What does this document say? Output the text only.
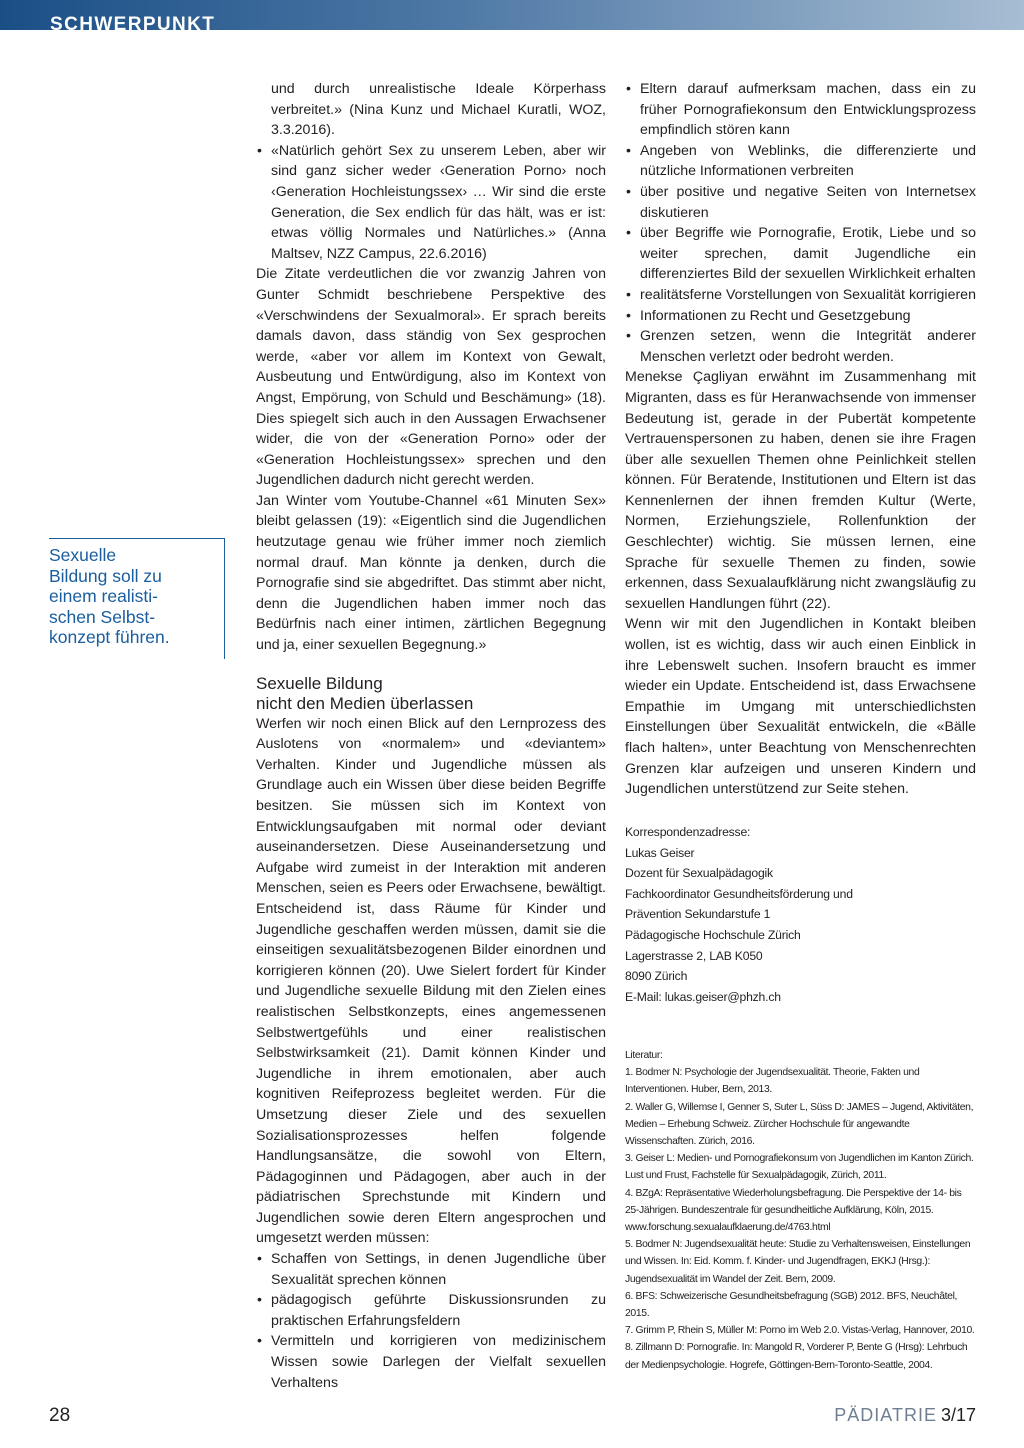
SCHWERPUNKT
Sexuelle
Bildung soll zu
einem realisti-
schen Selbst-
konzept führen.
und durch unrealistische Ideale Körperhass verbreitet.» (Nina Kunz und Michael Kuratli, WOZ, 3.3.2016).
• «Natürlich gehört Sex zu unserem Leben, aber wir sind ganz sicher weder ‹Generation Porno› noch ‹Generation Hochleistungssex› … Wir sind die erste Generation, die Sex endlich für das hält, was er ist: etwas völlig Normales und Natürliches.» (Anna Maltsev, NZZ Campus, 22.6.2016)

Die Zitate verdeutlichen die vor zwanzig Jahren von Gunter Schmidt beschriebene Perspektive des «Verschwindens der Sexualmoral». Er sprach bereits damals davon, dass ständig von Sex gesprochen werde, «aber vor allem im Kontext von Gewalt, Ausbeutung und Entwürdigung, also im Kontext von Angst, Empörung, von Schuld und Beschämung» (18). Dies spiegelt sich auch in den Aussagen Erwachsener wider, die von der «Generation Porno» oder der «Generation Hochleistungssex» sprechen und den Jugendlichen dadurch nicht gerecht werden.

Jan Winter vom Youtube-Channel «61 Minuten Sex» bleibt gelassen (19): «Eigentlich sind die Jugendlichen heutzutage genau wie früher immer noch ziemlich normal drauf. Man könnte ja denken, durch die Pornografie sind sie abgedriftet. Das stimmt aber nicht, denn die Jugendlichen haben immer noch das Bedürfnis nach einer intimen, zärtlichen Begegnung und ja, einer sexuellen Begegnung.»

Sexuelle Bildung
nicht den Medien überlassen

Werfen wir noch einen Blick auf den Lernprozess des Auslotens von «normalem» und «deviantem» Verhalten. Kinder und Jugendliche müssen als Grundlage auch ein Wissen über diese beiden Begriffe besitzen. Sie müssen sich im Kontext von Entwicklungsaufgaben mit normal oder deviant auseinandersetzen. Diese Auseinandersetzung und Aufgabe wird zumeist in der Interaktion mit anderen Menschen, seien es Peers oder Erwachsene, bewältigt. Entscheidend ist, dass Räume für Kinder und Jugendliche geschaffen werden müssen, damit sie die einseitigen sexualitätsbezogenen Bilder einordnen und korrigieren können (20). Uwe Sielert fordert für Kinder und Jugendliche sexuelle Bildung mit den Zielen eines realistischen Selbstkonzepts, eines angemessenen Selbstwertgefühls und einer realistischen Selbstwirksamkeit (21). Damit können Kinder und Jugendliche in ihrem emotionalen, aber auch kognitiven Reifeprozess begleitet werden. Für die Umsetzung dieser Ziele und des sexuellen Sozialisationsprozesses helfen folgende Handlungsansätze, die sowohl von Eltern, Pädagoginnen und Pädagogen, aber auch in der pädiatrischen Sprechstunde mit Kindern und Jugendlichen sowie deren Eltern angesprochen und umgesetzt werden müssen:

• Schaffen von Settings, in denen Jugendliche über Sexualität sprechen können
• pädagogisch geführte Diskussionsrunden zu praktischen Erfahrungsfeldern
• Vermitteln und korrigieren von medizinischem Wissen sowie Darlegen der Vielfalt sexuellen Verhaltens
• Eltern darauf aufmerksam machen, dass ein zu früher Pornografiekonsum den Entwicklungsprozess empfindlich stören kann
• Angeben von Weblinks, die differenzierte und nützliche Informationen verbreiten
• über positive und negative Seiten von Internetsex diskutieren
• über Begriffe wie Pornografie, Erotik, Liebe und so weiter sprechen, damit Jugendliche ein differenziertes Bild der sexuellen Wirklichkeit erhalten
• realitätsferne Vorstellungen von Sexualität korrigieren
• Informationen zu Recht und Gesetzgebung
• Grenzen setzen, wenn die Integrität anderer Menschen verletzt oder bedroht werden.

Menekse Çagliyan erwähnt im Zusammenhang mit Migranten, dass es für Heranwachsende von immenser Bedeutung ist, gerade in der Pubertät kompetente Vertrauenspersonen zu haben, denen sie ihre Fragen über alle sexuellen Themen ohne Peinlichkeit stellen können. Für Beratende, Institutionen und Eltern ist das Kennenlernen der ihnen fremden Kultur (Werte, Normen, Erziehungsziele, Rollenfunktion der Geschlechter) wichtig. Sie müssen lernen, eine Sprache für sexuelle Themen zu finden, sowie erkennen, dass Sexualaufklärung nicht zwangsläufig zu sexuellen Handlungen führt (22).

Wenn wir mit den Jugendlichen in Kontakt bleiben wollen, ist es wichtig, dass wir auch einen Einblick in ihre Lebenswelt suchen. Insofern braucht es immer wieder ein Update. Entscheidend ist, dass Erwachsene Empathie im Umgang mit unterschiedlichsten Einstellungen über Sexualität entwickeln, die «Bälle flach halten», unter Beachtung von Menschenrechten Grenzen klar aufzeigen und unseren Kindern und Jugendlichen unterstützend zur Seite stehen.

Korrespondenzadresse:
Lukas Geiser
Dozent für Sexualpädagogik
Fachkoordinator Gesundheitsförderung und
Prävention Sekundarstufe 1
Pädagogische Hochschule Zürich
Lagerstrasse 2, LAB K050
8090 Zürich
E-Mail: lukas.geiser@phzh.ch
Literatur:
1. Bodmer N: Psychologie der Jugendsexualität. Theorie, Fakten und Interventionen. Huber, Bern, 2013.
2. Waller G, Willemse I, Genner S, Suter L, Süss D: JAMES – Jugend, Aktivitäten, Medien – Erhebung Schweiz. Zürcher Hochschule für angewandte Wissenschaften. Zürich, 2016.
3. Geiser L: Medien- und Pornografiekonsum von Jugendlichen im Kanton Zürich. Lust und Frust, Fachstelle für Sexualpädagogik, Zürich, 2011.
4. BZgA: Repräsentative Wiederholungsbefragung. Die Perspektive der 14- bis 25-Jährigen. Bundeszentrale für gesundheitliche Aufklärung, Köln, 2015. www.forschung.sexualaufklaerung.de/4763.html
5. Bodmer N: Jugendsexualität heute: Studie zu Verhaltensweisen, Einstellungen und Wissen. In: Eid. Komm. f. Kinder- und Jugendfragen, EKKJ (Hrsg.): Jugendsexualität im Wandel der Zeit. Bern, 2009.
6. BFS: Schweizerische Gesundheitsbefragung (SGB) 2012. BFS, Neuchâtel, 2015.
7. Grimm P, Rhein S, Müller M: Porno im Web 2.0. Vistas-Verlag, Hannover, 2010.
8. Zillmann D: Pornografie. In: Mangold R, Vorderer P, Bente G (Hrsg): Lehrbuch der Medienpsychologie. Hogrefe, Göttingen-Bern-Toronto-Seattle, 2004.
28	PÄDIATRIE 3/17
